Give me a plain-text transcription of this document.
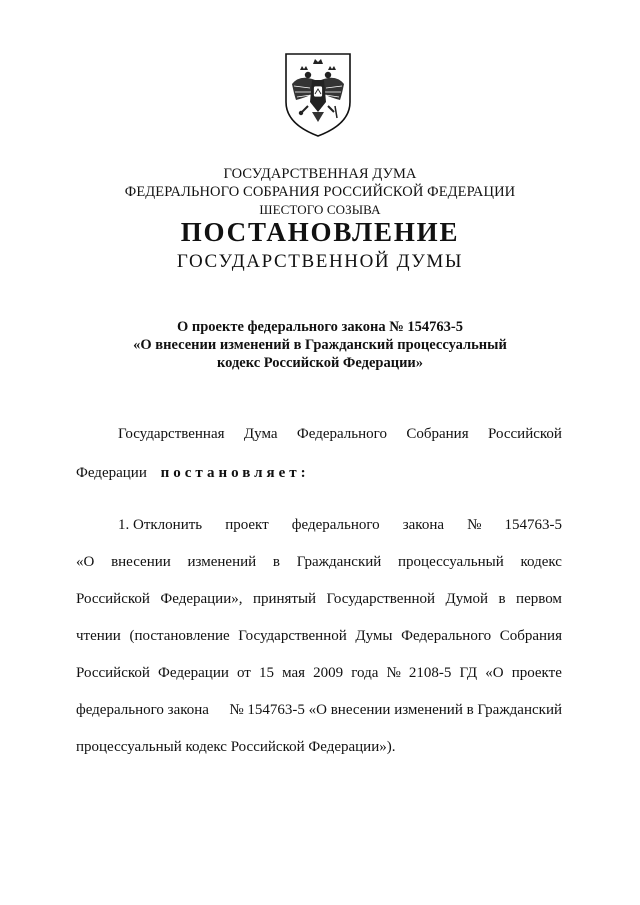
ГОСУДАРСТВЕННАЯ ДУМА
ФЕДЕРАЛЬНОГО СОБРАНИЯ РОССИЙСКОЙ ФЕДЕРАЦИИ
ШЕСТОГО СОЗЫВА
ПОСТАНОВЛЕНИЕ
ГОСУДАРСТВЕННОЙ ДУМЫ
О проекте федерального закона № 154763-5
«О внесении изменений в Гражданский процессуальный
кодекс Российской Федерации»
Государственная Дума Федерального Собрания Российской
Федерации постановляет:
1. Отклонить проект федерального закона № 154763-5
«О внесении изменений в Гражданский процессуальный кодекс
Российской Федерации», принятый Государственной Думой в первом
чтении (постановление Государственной Думы Федерального Собрания
Российской Федерации от 15 мая 2009 года № 2108-5 ГД «О проекте
федерального закона № 154763-5 «О внесении изменений в Гражданский
процессуальный кодекс Российской Федерации»).
